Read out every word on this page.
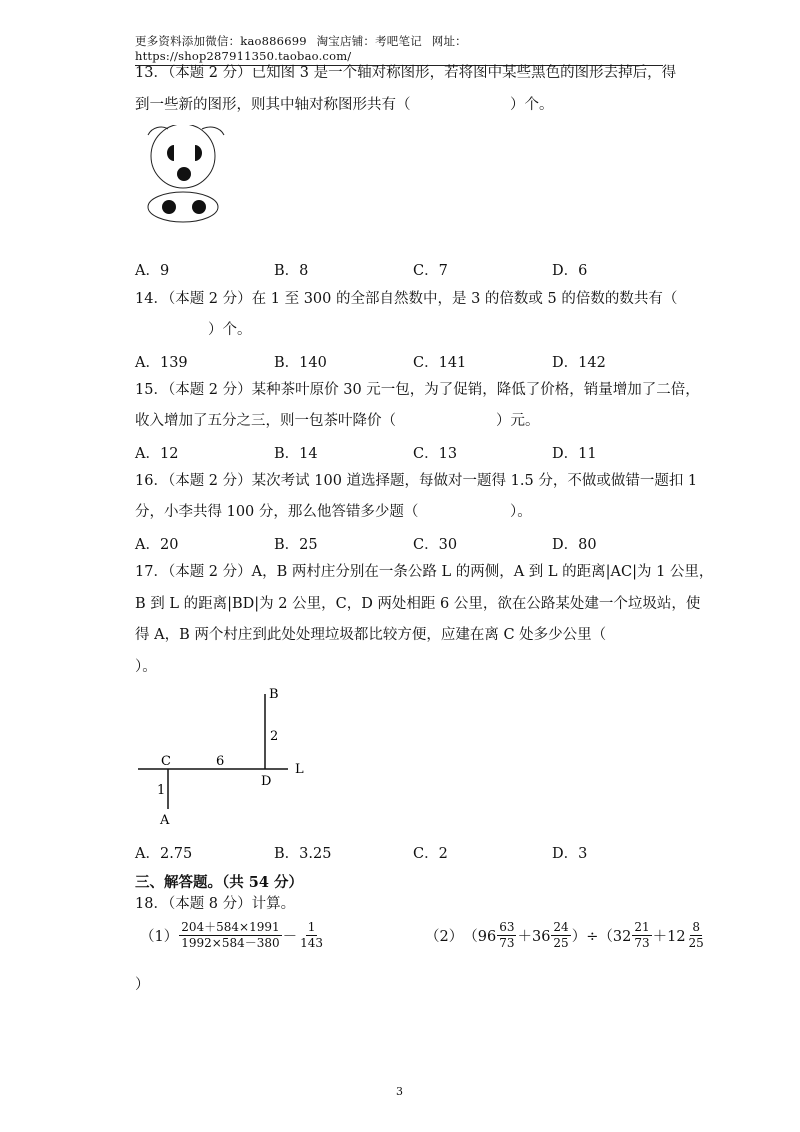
更多资料添加微信：kao886699 淘宝店铺：考吧笔记 网址：https://shop287911350.taobao.com/
13．（本题 2 分）已知图 3 是一个轴对称图形，若将图中某些黑色的图形去掉后，得
到一些新的图形，则其中轴对称图形共有（	）个。
A．9	B．8	C．7	D．6
14．（本题 2 分）在 1 至 300 的全部自然数中，是 3 的倍数或 5 的倍数的数共有（
）个。
A．139	B．140	C．141	D．142
15．（本题 2 分）某种茶叶原价 30 元一包，为了促销，降低了价格，销量增加了二倍，
收入增加了五分之三，则一包茶叶降价（	）元。
A．12	B．14	C．13	D．11
16．（本题 2 分）某次考试 100 道选择题，每做对一题得 1.5 分，不做或做错一题扣 1
分，小李共得 100 分，那么他答错多少题（	）。
A．20	B．25	C．30	D．80
17．（本题 2 分）A，B 两村庄分别在一条公路 L 的两侧，A 到 L 的距离|AC|为 1 公里，
B 到 L 的距离|BD|为 2 公里，C，D 两处相距 6 公里，欲在公路某处建一个垃圾站，使
得 A，B 两个村庄到此处处理垃圾都比较方便，应建在离 C 处多少公里（
）。
B
2
C	6
D
L
1
A
A．2.75	B．3.25	C．2	D．3
三、解答题。（共 54 分）
18．（本题 8 分）计算。
$(1) \frac{204+584\times 1991}{1992\times 584-380} - \frac{1}{143}$	（2） $(96 \frac{63}{73} +36 \frac{24}{25} )\div(32 \frac{21}{73} +12 \frac{8}{25}$
）
3
